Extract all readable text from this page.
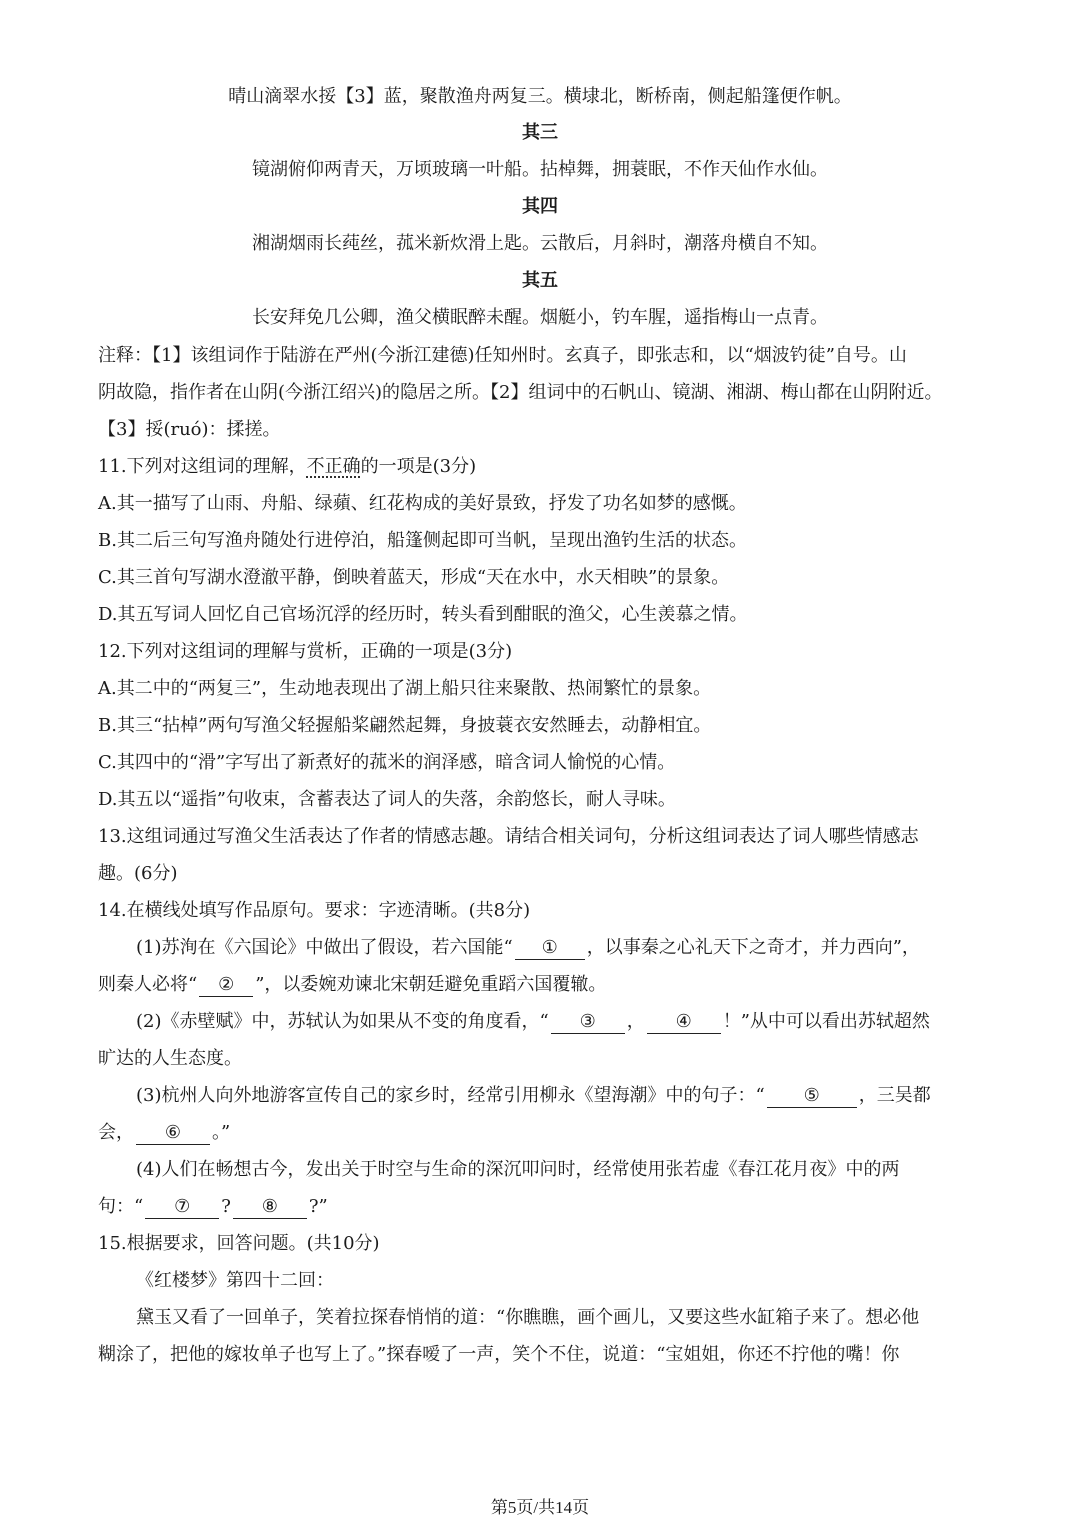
晴山滴翠水挼【3】蓝，聚散渔舟两复三。横埭北，断桥南，侧起船篷便作帆。
其三
镜湖俯仰两青天，万顷玻璃一叶船。拈棹舞，拥蓑眠，不作天仙作水仙。
其四
湘湖烟雨长莼丝，菰米新炊滑上匙。云散后，月斜时，潮落舟横自不知。
其五
长安拜免几公卿，渔父横眠醉未醒。烟艇小，钓车腥，遥指梅山一点青。
注释：【1】该组词作于陆游在严州(今浙江建德)任知州时。玄真子，即张志和，以“烟波钓徒”自号。山
阴故隐，指作者在山阴(今浙江绍兴)的隐居之所。【2】组词中的石帆山、镜湖、湘湖、梅山都在山阴附近。
【3】挼(ruó)：揉搓。
11.下列对这组词的理解，不正确的一项是(3分)
A.其一描写了山雨、舟船、绿蘋、红花构成的美好景致，抒发了功名如梦的感慨。
B.其二后三句写渔舟随处行进停泊，船篷侧起即可当帆，呈现出渔钓生活的状态。
C.其三首句写湖水澄澈平静，倒映着蓝天，形成“天在水中，水天相映”的景象。
D.其五写词人回忆自己官场沉浮的经历时，转头看到酣眠的渔父，心生羡慕之情。
12.下列对这组词的理解与赏析，正确的一项是(3分)
A.其二中的“两复三”，生动地表现出了湖上船只往来聚散、热闹繁忙的景象。
B.其三“拈棹”两句写渔父轻握船桨翩然起舞，身披蓑衣安然睡去，动静相宜。
C.其四中的“滑”字写出了新煮好的菰米的润泽感，暗含词人愉悦的心情。
D.其五以“遥指”句收束，含蓄表达了词人的失落，余韵悠长，耐人寻味。
13.这组词通过写渔父生活表达了作者的情感志趣。请结合相关词句，分析这组词表达了词人哪些情感志
趣。(6分)
14.在横线处填写作品原句。要求：字迹清晰。(共8分)
(1)苏洵在《六国论》中做出了假设，若六国能“ ① ，以事秦之心礼天下之奇才，并力西向”，
则秦人必将“ ② ”，以委婉劝谏北宋朝廷避免重蹈六国覆辙。
(2)《赤壁赋》中，苏轼认为如果从不变的角度看，“ ③ ， ④ ！”从中可以看出苏轼超然
旷达的人生态度。
(3)杭州人向外地游客宣传自己的家乡时，经常引用柳永《望海潮》中的句子：“ ⑤ ，三吴都
会， ⑥ 。”
(4)人们在畅想古今，发出关于时空与生命的深沉叩问时，经常使用张若虚《春江花月夜》中的两
句：“ ⑦ ? ⑧ ?”
15.根据要求，回答问题。(共10分)
《红楼梦》第四十二回：
黛玉又看了一回单子，笑着拉探春悄悄的道：“你瞧瞧，画个画儿，又要这些水缸箱子来了。想必他
糊涂了，把他的嫁妆单子也写上了。”探春嗳了一声，笑个不住，说道：“宝姐姐，你还不拧他的嘴！你
第5页/共14页
